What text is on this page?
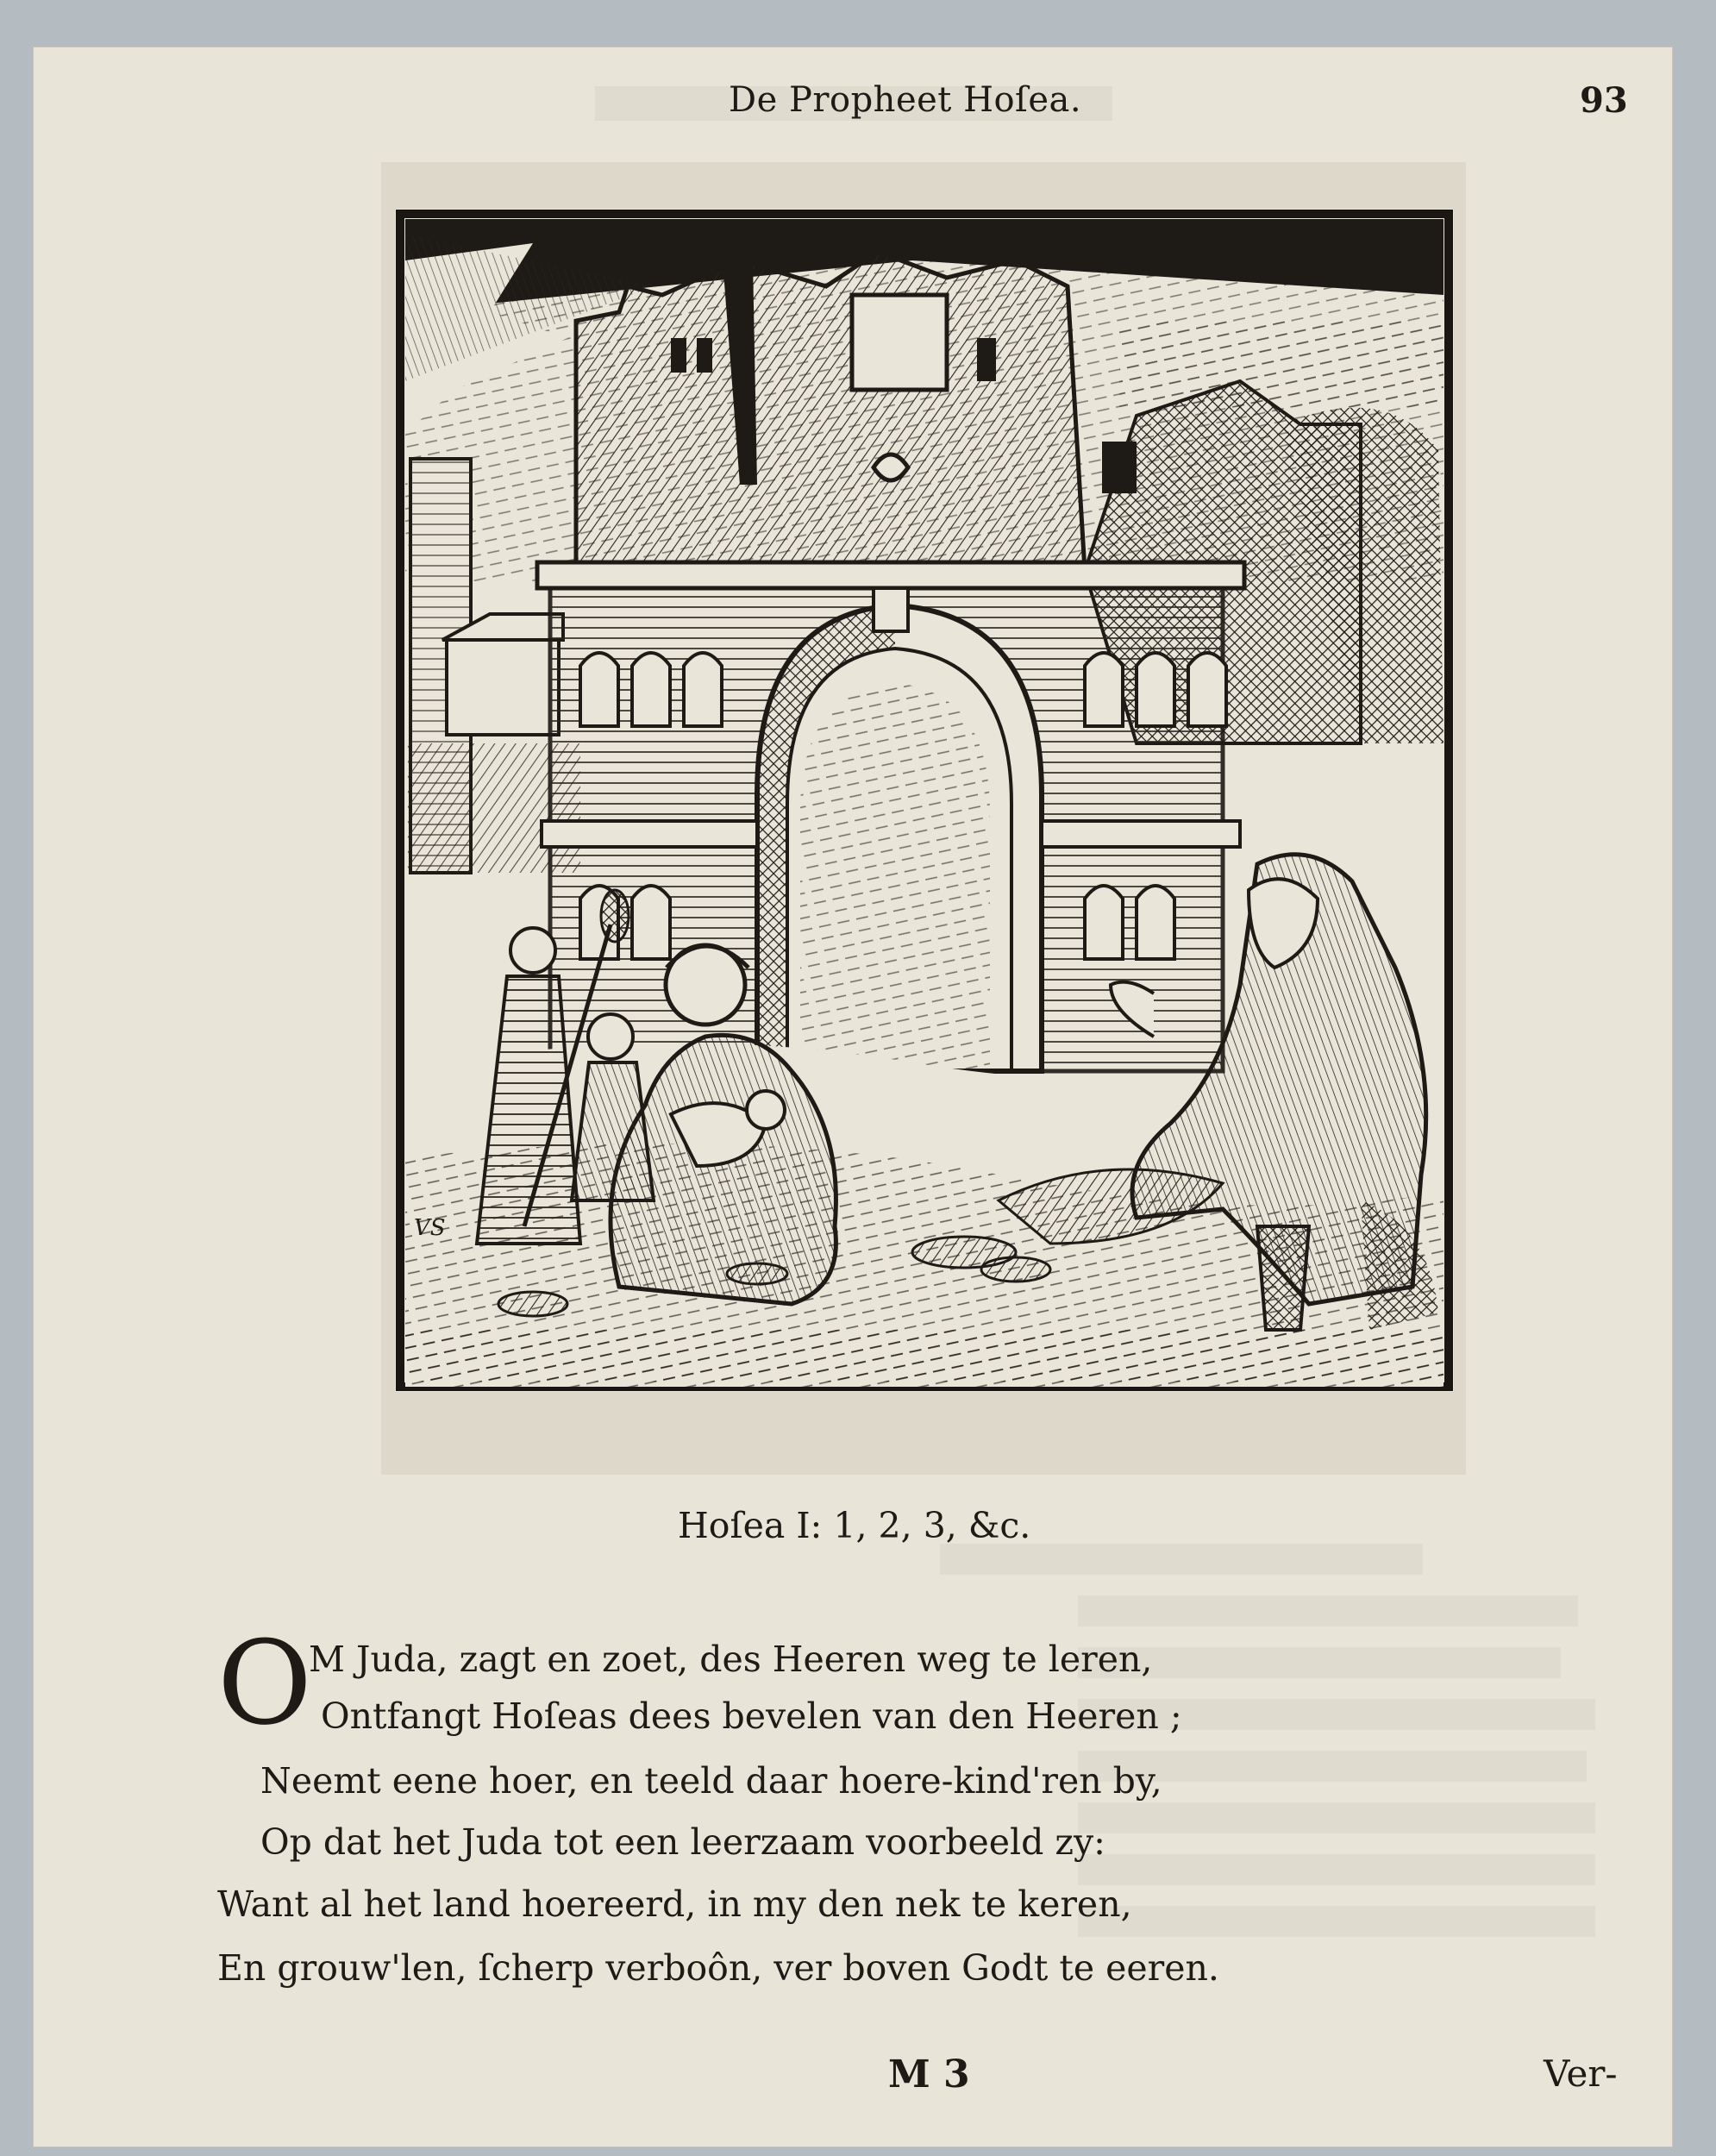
De Propheet Hoſea.	93
VS
Hoſea I: 1, 2, 3, &c.
O
M Juda, zagt en zoet, des Heeren weg te leren,
Ontfangt Hoſeas dees bevelen van den Heeren ;
Neemt eene hoer, en teeld daar hoere-kind'ren by,
Op dat het Juda tot een leerzaam voorbeeld zy:
Want al het land hoereerd, in my den nek te keren,
En grouw'len, ſcherp verboôn, ver boven Godt te eeren.
M 3	Ver-
